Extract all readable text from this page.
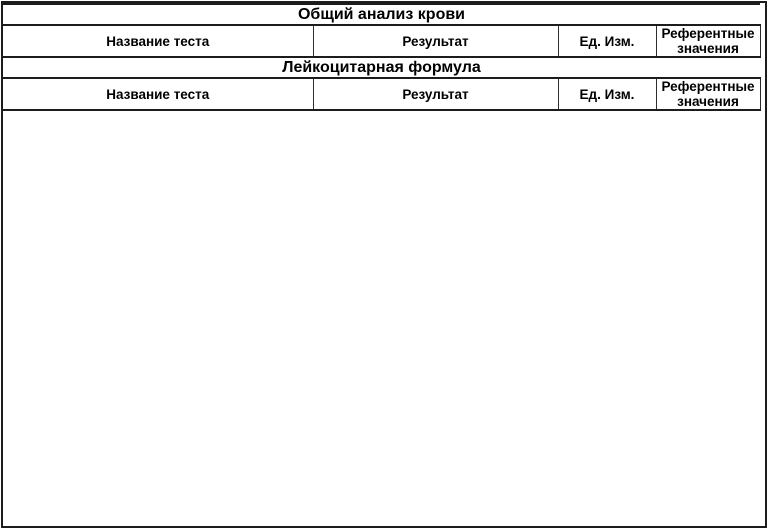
Общий анализ крови			
Название теста	Результат	Ед. Изм.	Референтные значения
Лейкоцитарная формула			
Название теста	Результат	Ед. Изм.	Референтные значения
